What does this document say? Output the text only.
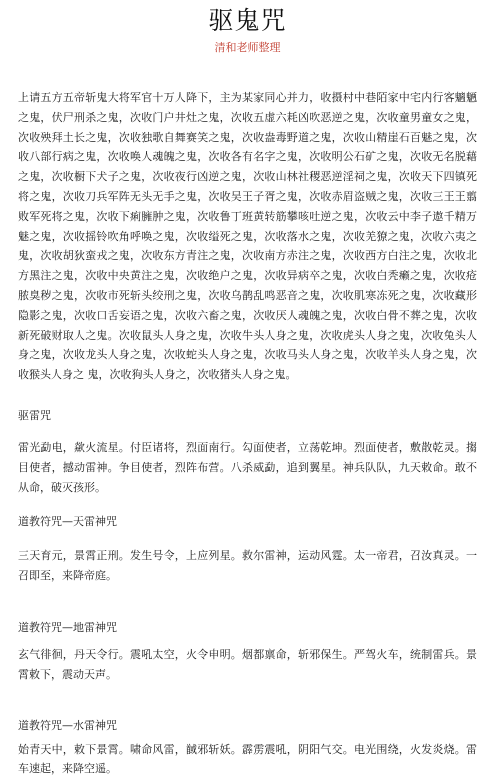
驱鬼咒
清和老师整理

上请五方五帝斩鬼大将军官十万人降下，主为某家同心并力，收摄村中巷陌家中宅内行客魑魉之鬼，伏尸刑杀之鬼，次收门户井灶之鬼，次收五虚六耗凶吹恶逆之鬼，次收童男童女之鬼，次收殃拜土长之鬼，次收独歌自舞赛笑之鬼，次收盎毒野道之鬼，次收山精崖石百魅之鬼，次收八部行病之鬼，次收唤人魂魄之鬼，次收各有名字之鬼，次收明公石矿之鬼，次收无名脱藉之鬼，次收橱下犬子之鬼，次收夜行凶逆之鬼，次收山林社稷恶逆淫祠之鬼，次收天下四镇死将之鬼，次收刀兵军阵无头无手之鬼，次收吴王子胥之鬼，次收赤眉盗贼之鬼，次收三王王翦败军死将之鬼，次收下痢臃肿之鬼，次收鲁丁班黄转筋攀咳吐逆之鬼，次收云中李子遨千精万魅之鬼，次收摇铃吹角呼唤之鬼，次收缢死之鬼，次收落水之鬼，次收羌獠之鬼，次收六夷之鬼，次收胡狄蛮戎之鬼，次收东方青注之鬼，次收南方赤注之鬼，次收西方白注之鬼，次收北方黑注之鬼，次收中央黄注之鬼，次收绝户之鬼，次收异病卒之鬼，次收白秃癞之鬼，次收疮脓臭秽之鬼，次收市死斩头绞刑之鬼，次收乌鹊乱鸣恶音之鬼，次收肌寒冻死之鬼，次收藏形隐影之鬼，次收口舌妄语之鬼，次收六畜之鬼，次收厌人魂魄之鬼，次收白骨不葬之鬼，次收新死破财取人之鬼。次收鼠头人身之鬼，次收牛头人身之鬼，次收虎头人身之鬼，次收兔头人身之鬼，次收龙头人身之鬼，次收蛇头人身之鬼，次收马头人身之鬼，次收羊头人身之鬼，次收猴头人身之 鬼，次收狗头人身之，次收猪头人身之鬼。

驱雷咒

雷光勐电，歘火流星。付臣诸将，烈面南行。勾面使者，立荡乾坤。烈面使者，敷散乾灵。搊目使者，撼动雷神。争目使者，烈阵布营。八杀威勐，追到翼星。神兵队队，九天敕命。敢不从命，破灭孩形。

道教符咒—天雷神咒

三天育元，景霄正刑。发生号令，上应列星。救尔雷神，运动风霆。太一帝君，召汝真灵。一召即至，来降帝庭。

道教符咒—地雷神咒

玄气徘徊，丹天令行。震吼太空，火令申明。烟都禀命，斩邪保生。严驾火车，统制雷兵。景霄敕下，震动天声。

道教符咒—水雷神咒

始青天中，敕下景霄。啸命风雷，馘邪斩妖。霹雳震吼，阴阳气交。电光围绕，火发炎烧。雷车速起，来降空遥。
